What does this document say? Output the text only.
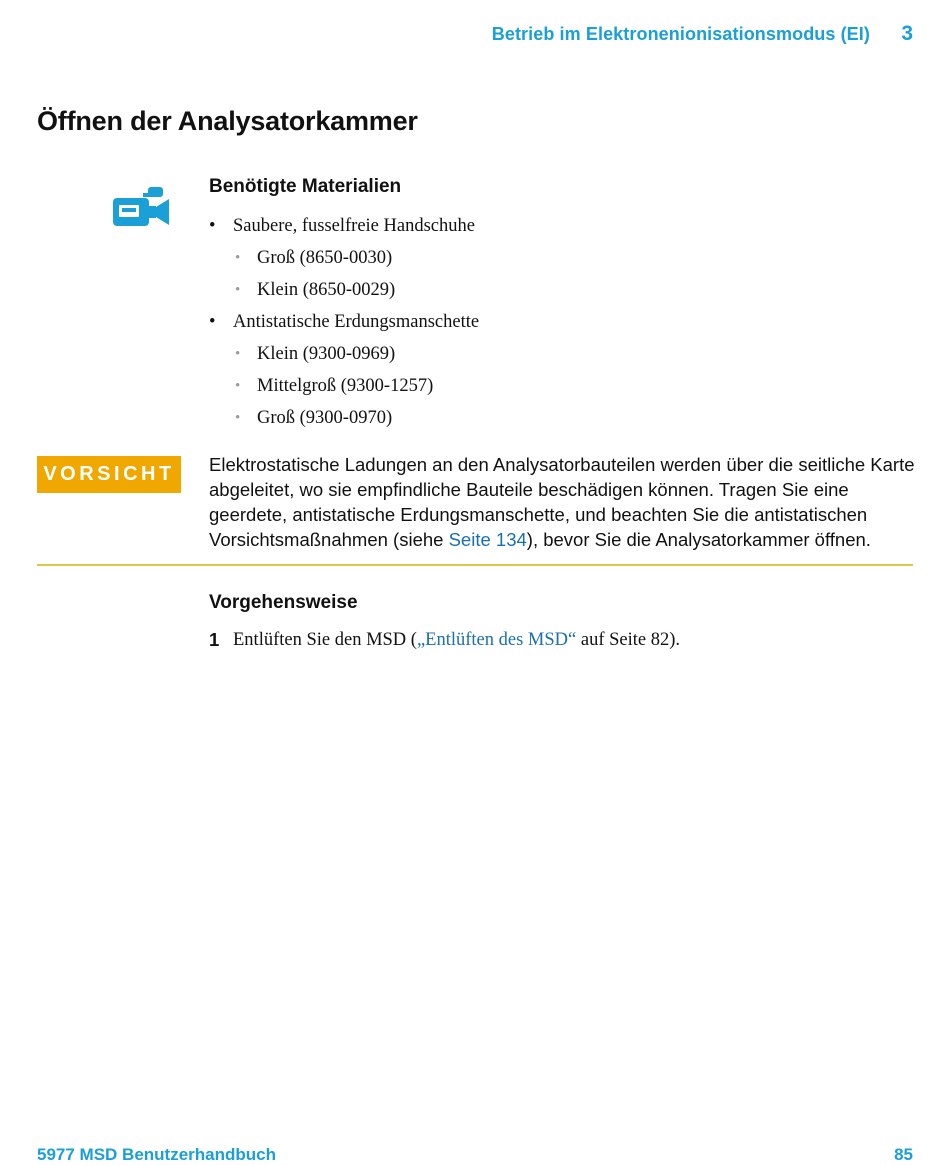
Betrieb im Elektronenionisationsmodus (EI) 3
Öffnen der Analysatorkammer
Benötigte Materialien
• Saubere, fusselfreie Handschuhe
• Groß (8650-0030)
• Klein (8650-0029)
• Antistatische Erdungsmanschette
• Klein (9300-0969)
• Mittelgroß (9300-1257)
• Groß (9300-0970)
VORSICHT	Elektrostatische Ladungen an den Analysatorbauteilen werden über die seitliche Karte abgeleitet, wo sie empfindliche Bauteile beschädigen können. Tragen Sie eine geerdete, antistatische Erdungsmanschette, und beachten Sie die antistatischen Vorsichtsmaßnahmen (siehe Seite 134), bevor Sie die Analysatorkammer öffnen.

Vorgehensweise
1 Entlüften Sie den MSD („Entlüften des MSD“ auf Seite 82).
5977 MSD Benutzerhandbuch	85
